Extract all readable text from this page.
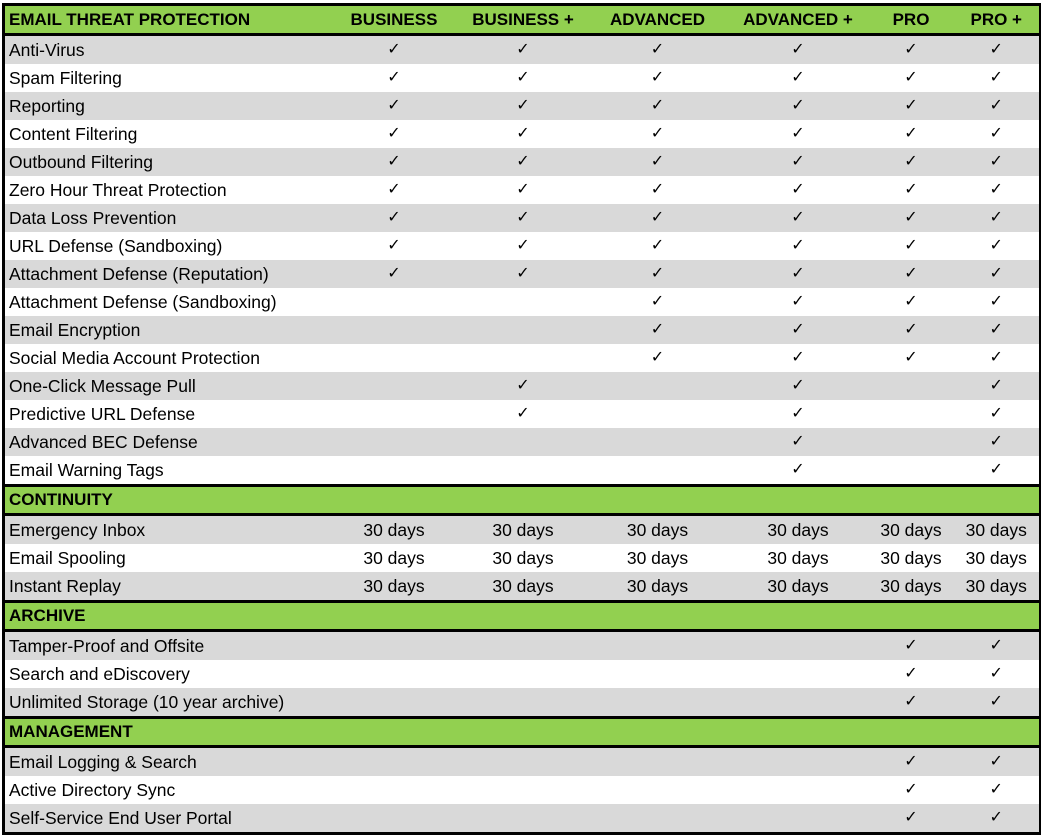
EMAIL THREAT PROTECTION	BUSINESS	BUSINESS +	ADVANCED	ADVANCED +	PRO	PRO +
Anti-Virus	✓	✓	✓	✓	✓	✓
Spam Filtering	✓	✓	✓	✓	✓	✓
Reporting	✓	✓	✓	✓	✓	✓
Content Filtering	✓	✓	✓	✓	✓	✓
Outbound Filtering	✓	✓	✓	✓	✓	✓
Zero Hour Threat Protection	✓	✓	✓	✓	✓	✓
Data Loss Prevention	✓	✓	✓	✓	✓	✓
URL Defense (Sandboxing)	✓	✓	✓	✓	✓	✓
Attachment Defense (Reputation)	✓	✓	✓	✓	✓	✓
Attachment Defense (Sandboxing)			✓	✓	✓	✓
Email Encryption			✓	✓	✓	✓
Social Media Account Protection			✓	✓	✓	✓
One-Click Message Pull		✓		✓		✓
Predictive URL Defense		✓		✓		✓
Advanced BEC Defense				✓		✓
Email Warning Tags				✓		✓
CONTINUITY						
Emergency Inbox	30 days	30 days	30 days	30 days	30 days	30 days
Email Spooling	30 days	30 days	30 days	30 days	30 days	30 days
Instant Replay	30 days	30 days	30 days	30 days	30 days	30 days
ARCHIVE						
Tamper-Proof and Offsite					✓	✓
Search and eDiscovery					✓	✓
Unlimited Storage (10 year archive)					✓	✓
MANAGEMENT						
Email Logging & Search					✓	✓
Active Directory Sync					✓	✓
Self-Service End User Portal					✓	✓
